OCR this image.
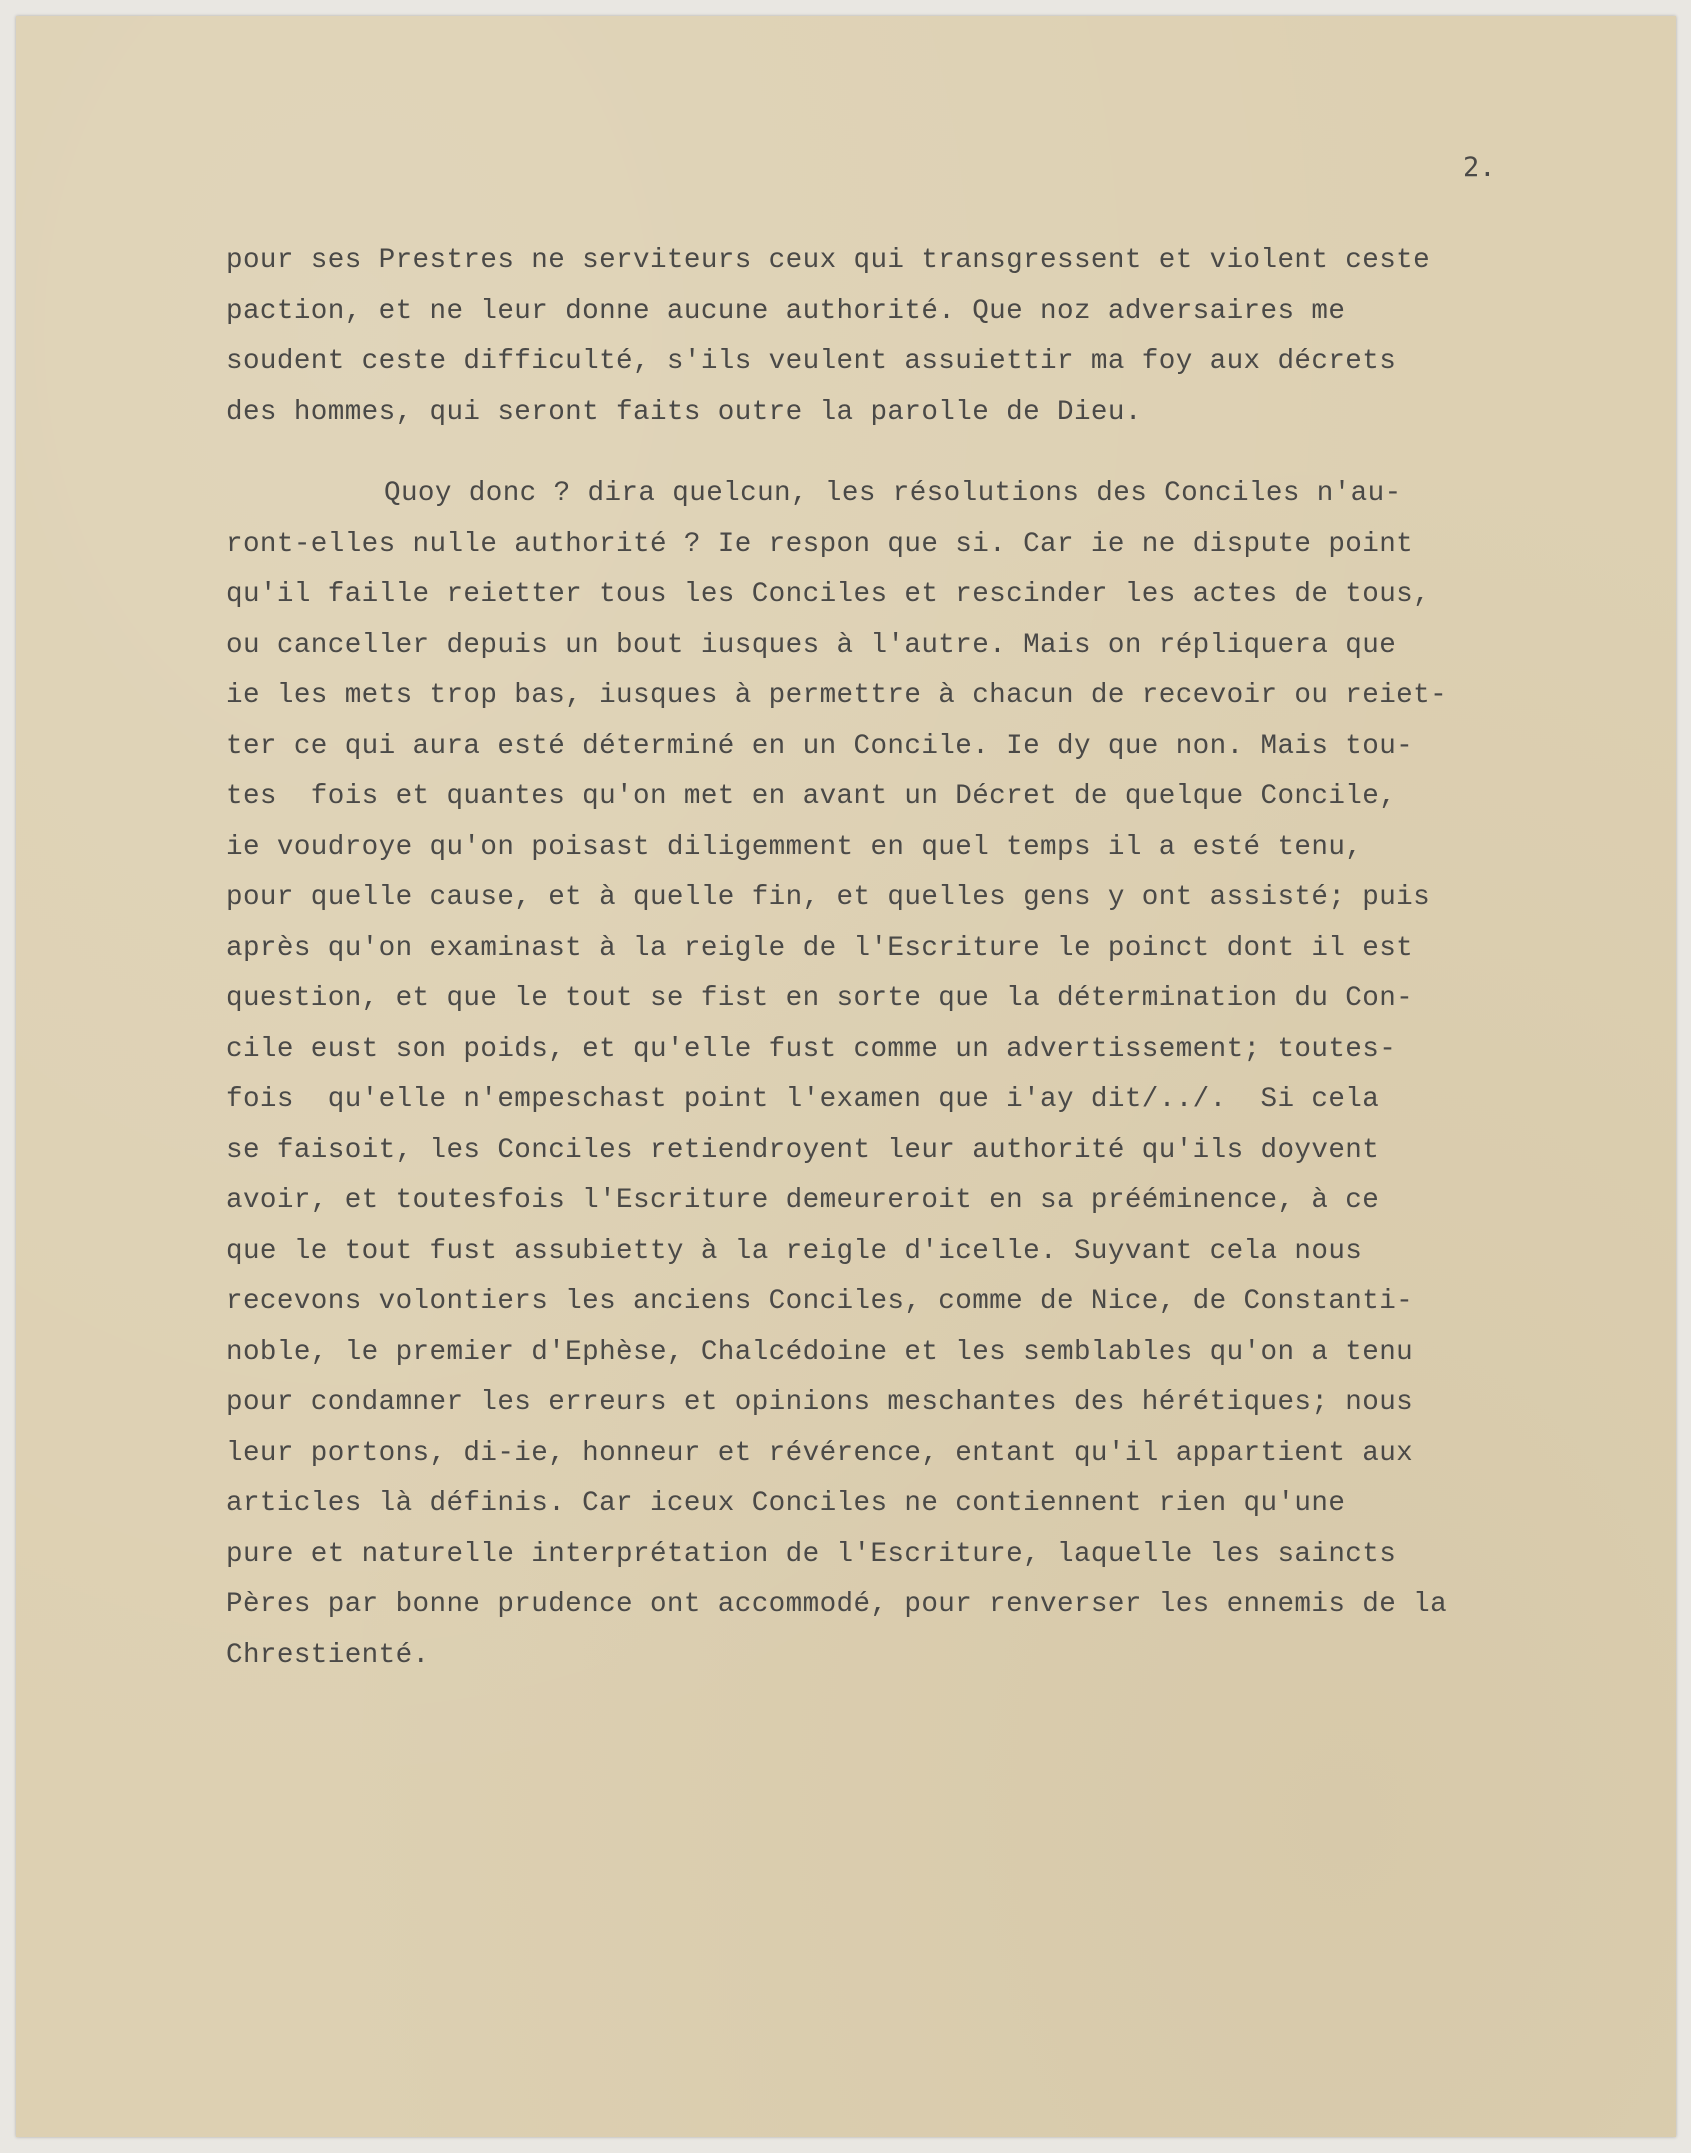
2.

pour ses Prestres ne serviteurs ceux qui transgressent et violent ceste
paction, et ne leur donne aucune authorité. Que noz adversaires me
soudent ceste difficulté, s'ils veulent assuiettir ma foy aux décrets
des hommes, qui seront faits outre la parolle de Dieu.

Quoy donc ? dira quelcun, les résolutions des Conciles n'au-
ront-elles nulle authorité ? Ie respon que si. Car ie ne dispute point
qu'il faille reietter tous les Conciles et rescinder les actes de tous,
ou canceller depuis un bout iusques à l'autre. Mais on répliquera que
ie les mets trop bas, iusques à permettre à chacun de recevoir ou reiet-
ter ce qui aura esté déterminé en un Concile. Ie dy que non. Mais tou-
tes  fois et quantes qu'on met en avant un Décret de quelque Concile,
ie voudroye qu'on poisast diligemment en quel temps il a esté tenu,
pour quelle cause, et à quelle fin, et quelles gens y ont assisté; puis
après qu'on examinast à la reigle de l'Escriture le poinct dont il est
question, et que le tout se fist en sorte que la détermination du Con-
cile eust son poids, et qu'elle fust comme un advertissement; toutes-
fois  qu'elle n'empeschast point l'examen que i'ay dit/../.  Si cela
se faisoit, les Conciles retiendroyent leur authorité qu'ils doyvent
avoir, et toutesfois l'Escriture demeureroit en sa prééminence, à ce
que le tout fust assubietty à la reigle d'icelle. Suyvant cela nous
recevons volontiers les anciens Conciles, comme de Nice, de Constanti-
noble, le premier d'Ephèse, Chalcédoine et les semblables qu'on a tenu
pour condamner les erreurs et opinions meschantes des hérétiques; nous
leur portons, di-ie, honneur et révérence, entant qu'il appartient aux
articles là définis. Car iceux Conciles ne contiennent rien qu'une
pure et naturelle interprétation de l'Escriture, laquelle les saincts
Pères par bonne prudence ont accommodé, pour renverser les ennemis de la
Chrestienté.
